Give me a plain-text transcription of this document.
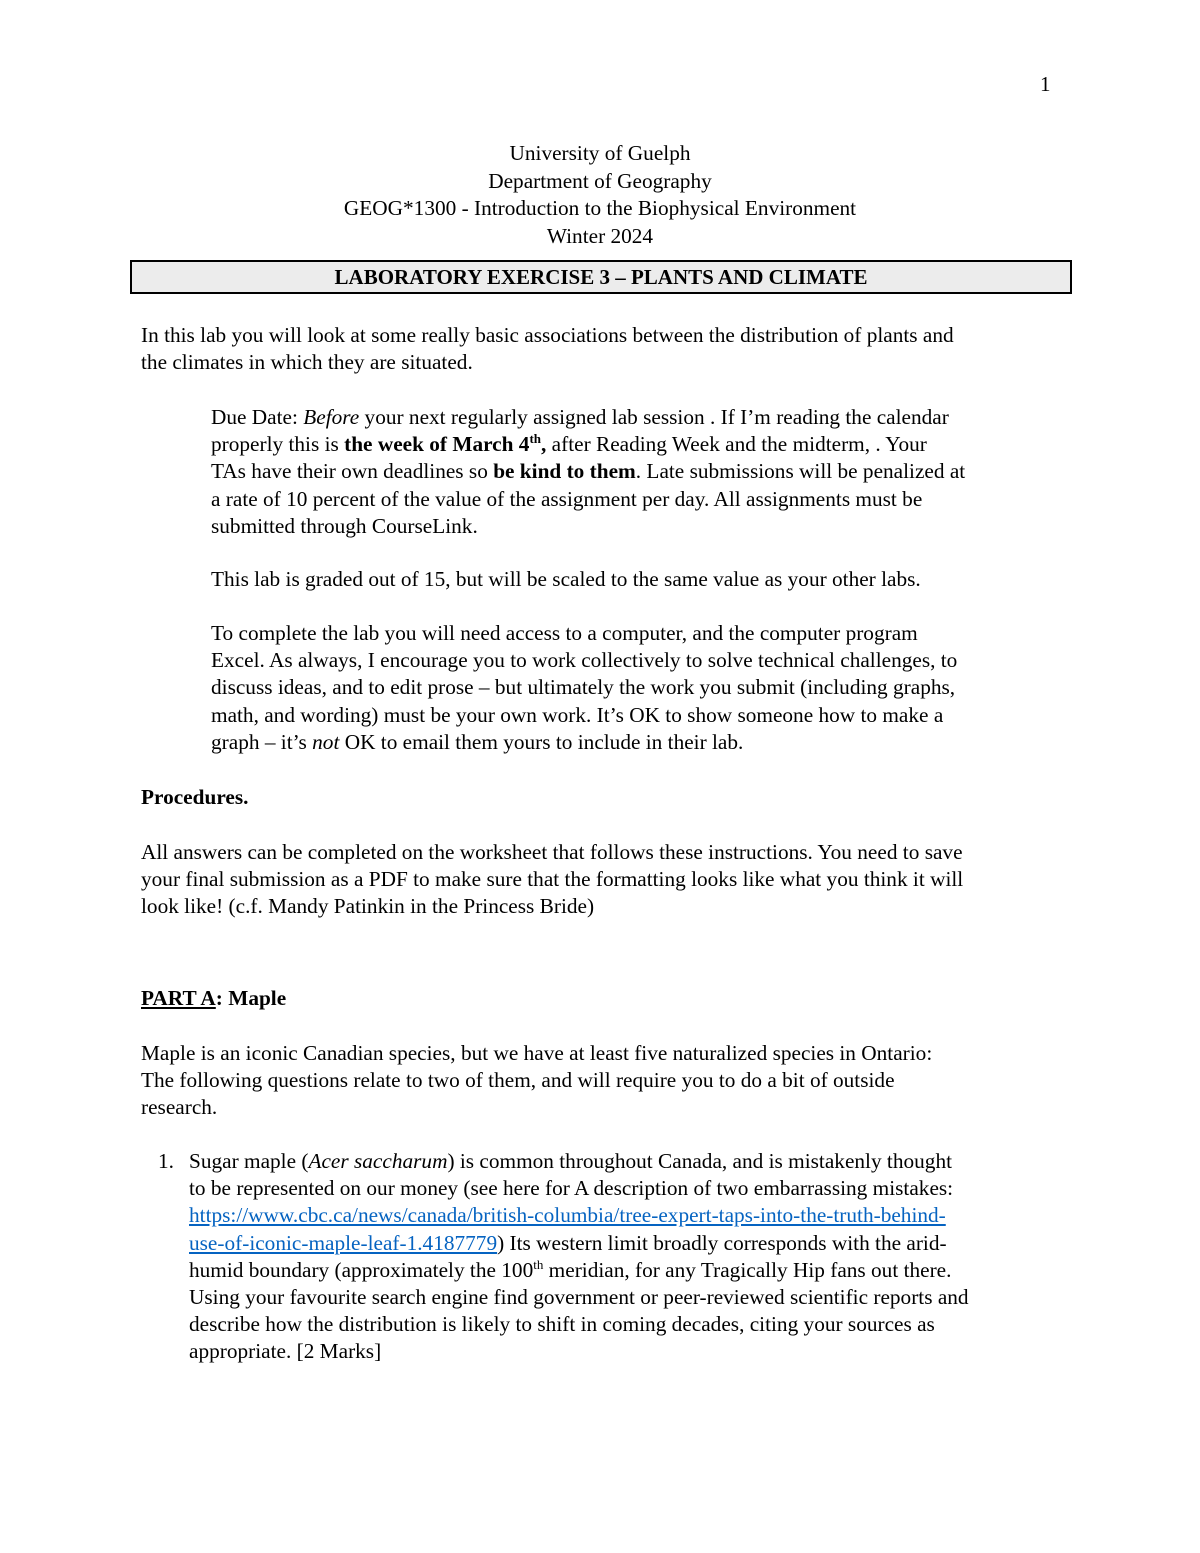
1
University of Guelph
Department of Geography
GEOG*1300 - Introduction to the Biophysical Environment
Winter 2024
LABORATORY EXERCISE 3 – PLANTS AND CLIMATE
In this lab you will look at some really basic associations between the distribution of plants and
the climates in which they are situated.
Due Date: Before your next regularly assigned lab session . If I’m reading the calendar
properly this is the week of March 4th, after Reading Week and the midterm, . Your
TAs have their own deadlines so be kind to them. Late submissions will be penalized at
a rate of 10 percent of the value of the assignment per day. All assignments must be
submitted through CourseLink.
This lab is graded out of 15, but will be scaled to the same value as your other labs.
To complete the lab you will need access to a computer, and the computer program
Excel. As always, I encourage you to work collectively to solve technical challenges, to
discuss ideas, and to edit prose – but ultimately the work you submit (including graphs,
math, and wording) must be your own work. It’s OK to show someone how to make a
graph – it’s not OK to email them yours to include in their lab.
Procedures.
All answers can be completed on the worksheet that follows these instructions. You need to save
your final submission as a PDF to make sure that the formatting looks like what you think it will
look like! (c.f. Mandy Patinkin in the Princess Bride)
PART A: Maple
Maple is an iconic Canadian species, but we have at least five naturalized species in Ontario:
The following questions relate to two of them, and will require you to do a bit of outside
research.
1. Sugar maple (Acer saccharum) is common throughout Canada, and is mistakenly thought
to be represented on our money (see here for A description of two embarrassing mistakes:
https://www.cbc.ca/news/canada/british-columbia/tree-expert-taps-into-the-truth-behind-
use-of-iconic-maple-leaf-1.4187779) Its western limit broadly corresponds with the arid-
humid boundary (approximately the 100th meridian, for any Tragically Hip fans out there.
Using your favourite search engine find government or peer-reviewed scientific reports and
describe how the distribution is likely to shift in coming decades, citing your sources as
appropriate. [2 Marks]
